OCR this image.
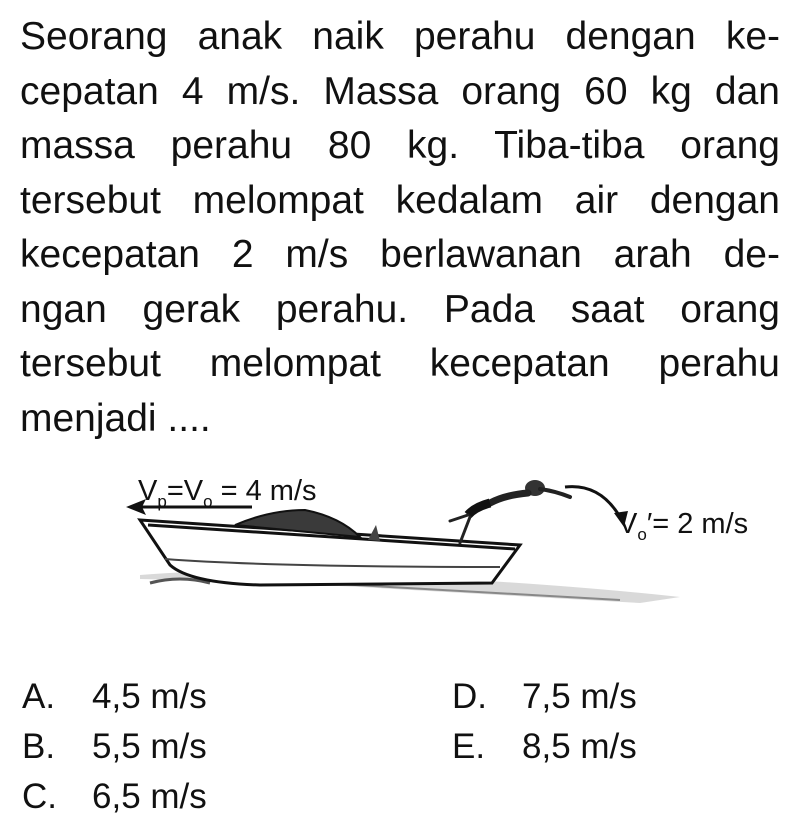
Seorang anak naik perahu dengan ke-
cepatan 4 m/s. Massa orang 60 kg dan
massa perahu 80 kg. Tiba-tiba orang
tersebut melompat kedalam air dengan
kecepatan 2 m/s berlawanan arah de-
ngan gerak perahu. Pada saat orang
tersebut melompat kecepatan perahu
menjadi ....
$V_p=V_o = 4$ m/s
$V_o'= 2$ m/s
A. 4,5 m/s
B. 5,5 m/s
C. 6,5 m/s
D. 7,5 m/s
E. 8,5 m/s
